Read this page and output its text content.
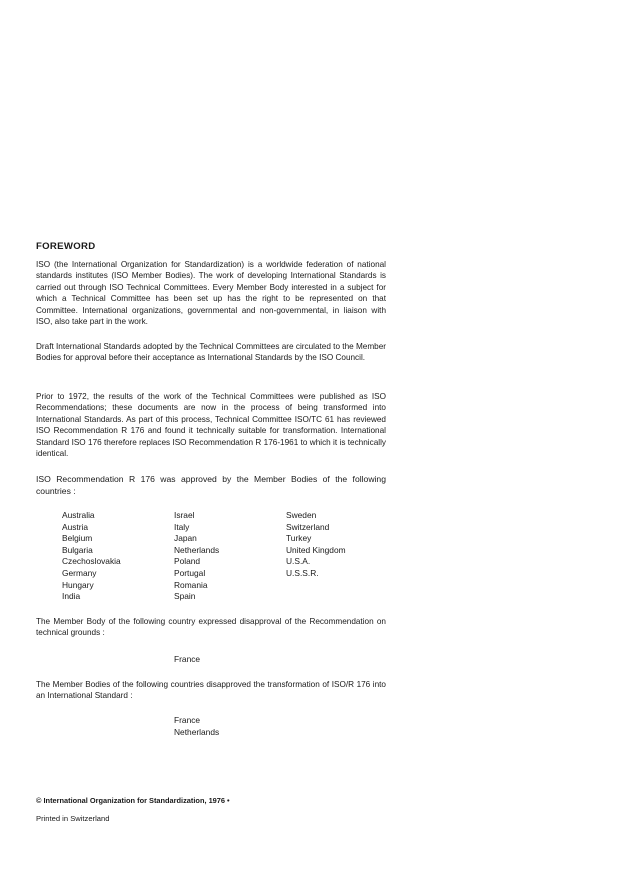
FOREWORD

ISO (the International Organization for Standardization) is a worldwide federation of national standards institutes (ISO Member Bodies). The work of developing International Standards is carried out through ISO Technical Committees. Every Member Body interested in a subject for which a Technical Committee has been set up has the right to be represented on that Committee. International organizations, governmental and non-governmental, in liaison with ISO, also take part in the work.

Draft International Standards adopted by the Technical Committees are circulated to the Member Bodies for approval before their acceptance as International Standards by the ISO Council.

Prior to 1972, the results of the work of the Technical Committees were published as ISO Recommendations; these documents are now in the process of being transformed into International Standards. As part of this process, Technical Committee ISO/TC 61 has reviewed ISO Recommendation R 176 and found it technically suitable for transformation. International Standard ISO 176 therefore replaces ISO Recommendation R 176-1961 to which it is technically identical.

ISO Recommendation R 176 was approved by the Member Bodies of the following countries :

Australia
Austria
Belgium
Bulgaria
Czechoslovakia
Germany
Hungary
India
Israel
Italy
Japan
Netherlands
Poland
Portugal
Romania
Spain
Sweden
Switzerland
Turkey
United Kingdom
U.S.A.
U.S.S.R.

The Member Body of the following country expressed disapproval of the Recommendation on technical grounds :

France

The Member Bodies of the following countries disapproved the transformation of ISO/R 176 into an International Standard :

France
Netherlands
© International Organization for Standardization, 1976 •
Printed in Switzerland
